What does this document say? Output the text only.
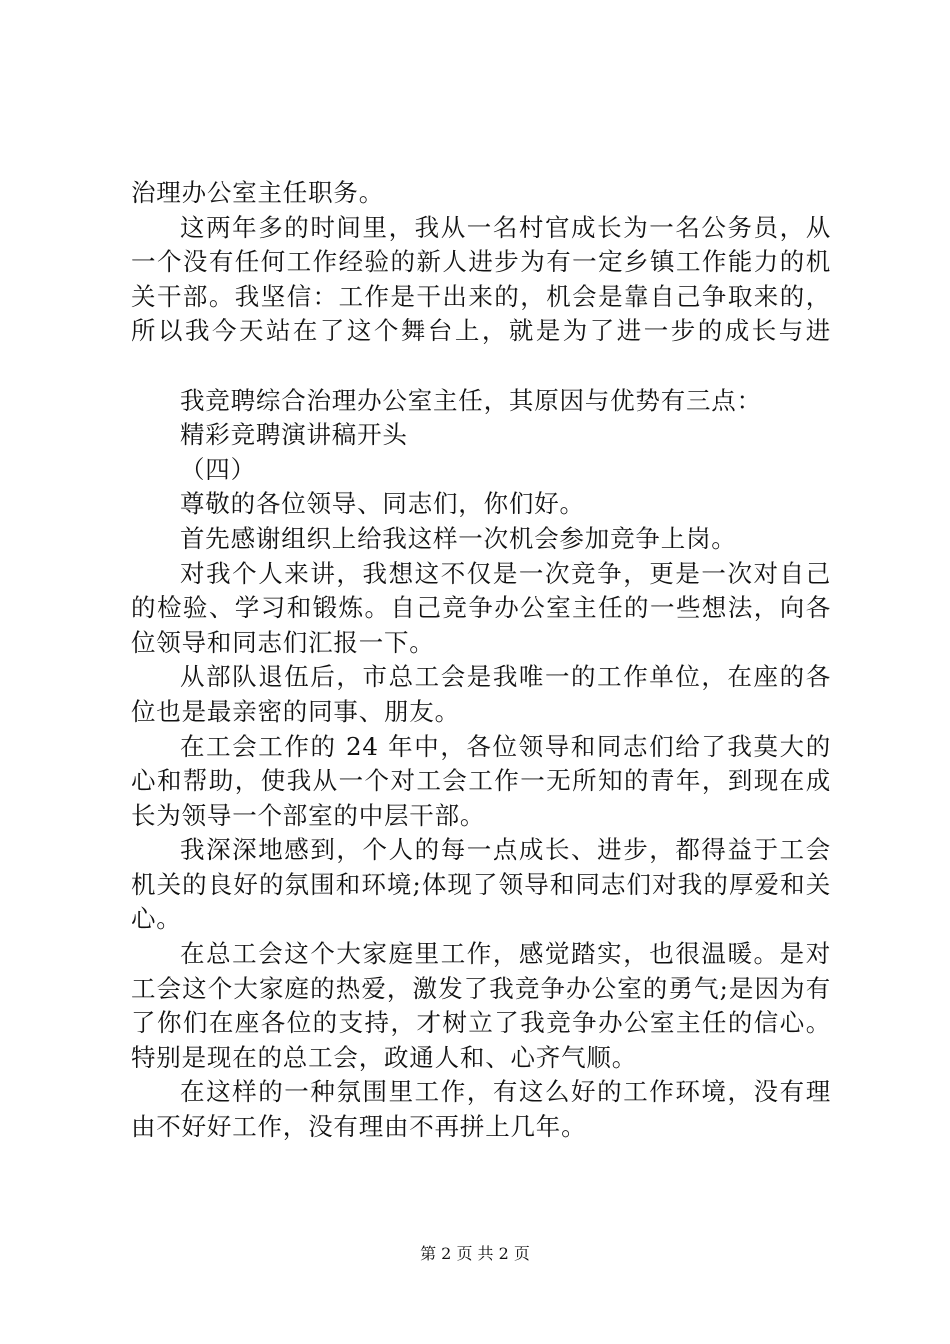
治理办公室主任职务。
这两年多的时间里，我从一名村官成长为一名公务员，从
一个没有任何工作经验的新人进步为有一定乡镇工作能力的机
关干部。我坚信：工作是干出来的，机会是靠自己争取来的，
所以我今天站在了这个舞台上，就是为了进一步的成长与进
我竞聘综合治理办公室主任，其原因与优势有三点：
精彩竞聘演讲稿开头
（四）
尊敬的各位领导、同志们，你们好。
首先感谢组织上给我这样一次机会参加竞争上岗。
对我个人来讲，我想这不仅是一次竞争，更是一次对自己
的检验、学习和锻炼。自己竞争办公室主任的一些想法，向各
位领导和同志们汇报一下。
从部队退伍后，市总工会是我唯一的工作单位，在座的各
位也是最亲密的同事、朋友。
在工会工作的 24 年中，各位领导和同志们给了我莫大的
心和帮助，使我从一个对工会工作一无所知的青年，到现在成
长为领导一个部室的中层干部。
我深深地感到，个人的每一点成长、进步，都得益于工会
机关的良好的氛围和环境;体现了领导和同志们对我的厚爱和关
心。
在总工会这个大家庭里工作，感觉踏实，也很温暖。是对
工会这个大家庭的热爱，激发了我竞争办公室的勇气;是因为有
了你们在座各位的支持，才树立了我竞争办公室主任的信心。
特别是现在的总工会，政通人和、心齐气顺。
在这样的一种氛围里工作，有这么好的工作环境，没有理
由不好好工作，没有理由不再拼上几年。
第 2 页 共 2 页
